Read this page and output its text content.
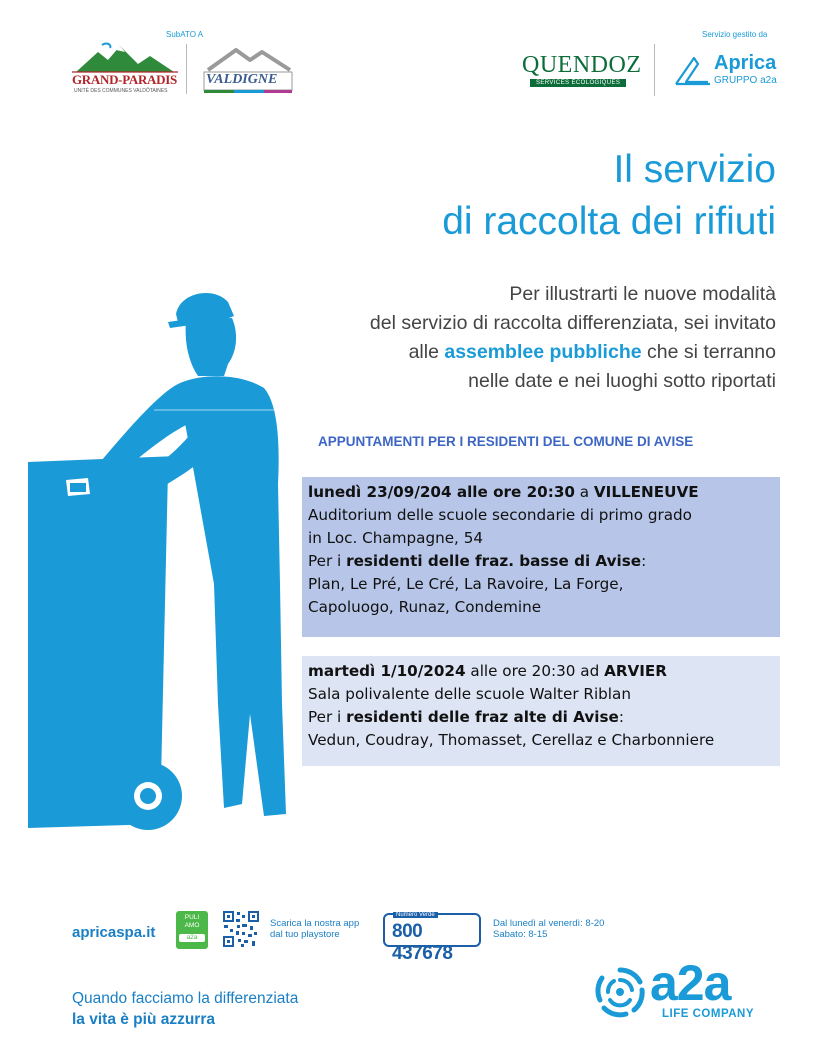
SubATO A
GRAND-PARADIS
UNITÉ DES COMMUNES VALDÔTAINES
VALDIGNE
Servizio gestito da
QUENDOZ
SERVICES ÉCOLOGIQUES
Aprica
GRUPPO a2a
Il servizio
di raccolta dei rifiuti
Per illustrarti le nuove modalità
del servizio di raccolta differenziata, sei invitato
alle assemblee pubbliche che si terranno
nelle date e nei luoghi sotto riportati
APPUNTAMENTI PER I RESIDENTI DEL COMUNE DI AVISE
lunedì 23/09/204 alle ore 20:30 a VILLENEUVE
Auditorium delle scuole secondarie di primo grado
in Loc. Champagne, 54
Per i residenti delle fraz. basse di Avise:
Plan, Le Pré, Le Cré, La Ravoire, La Forge,
Capoluogo, Runaz, Condemine
martedì 1/10/2024 alle ore 20:30 ad ARVIER
Sala polivalente delle scuole Walter Riblan
Per i residenti delle fraz alte di Avise:
Vedun, Coudray, Thomasset, Cerellaz e Charbonniere
apricaspa.it
PULI
AMO
a2a
Scarica la nostra app
dal tuo playstore
Numero Verde
800 437678
Dal lunedì al venerdì: 8-20
Sabato: 8-15
Quando facciamo la differenziata
la vita è più azzurra
a2a
LIFE COMPANY
